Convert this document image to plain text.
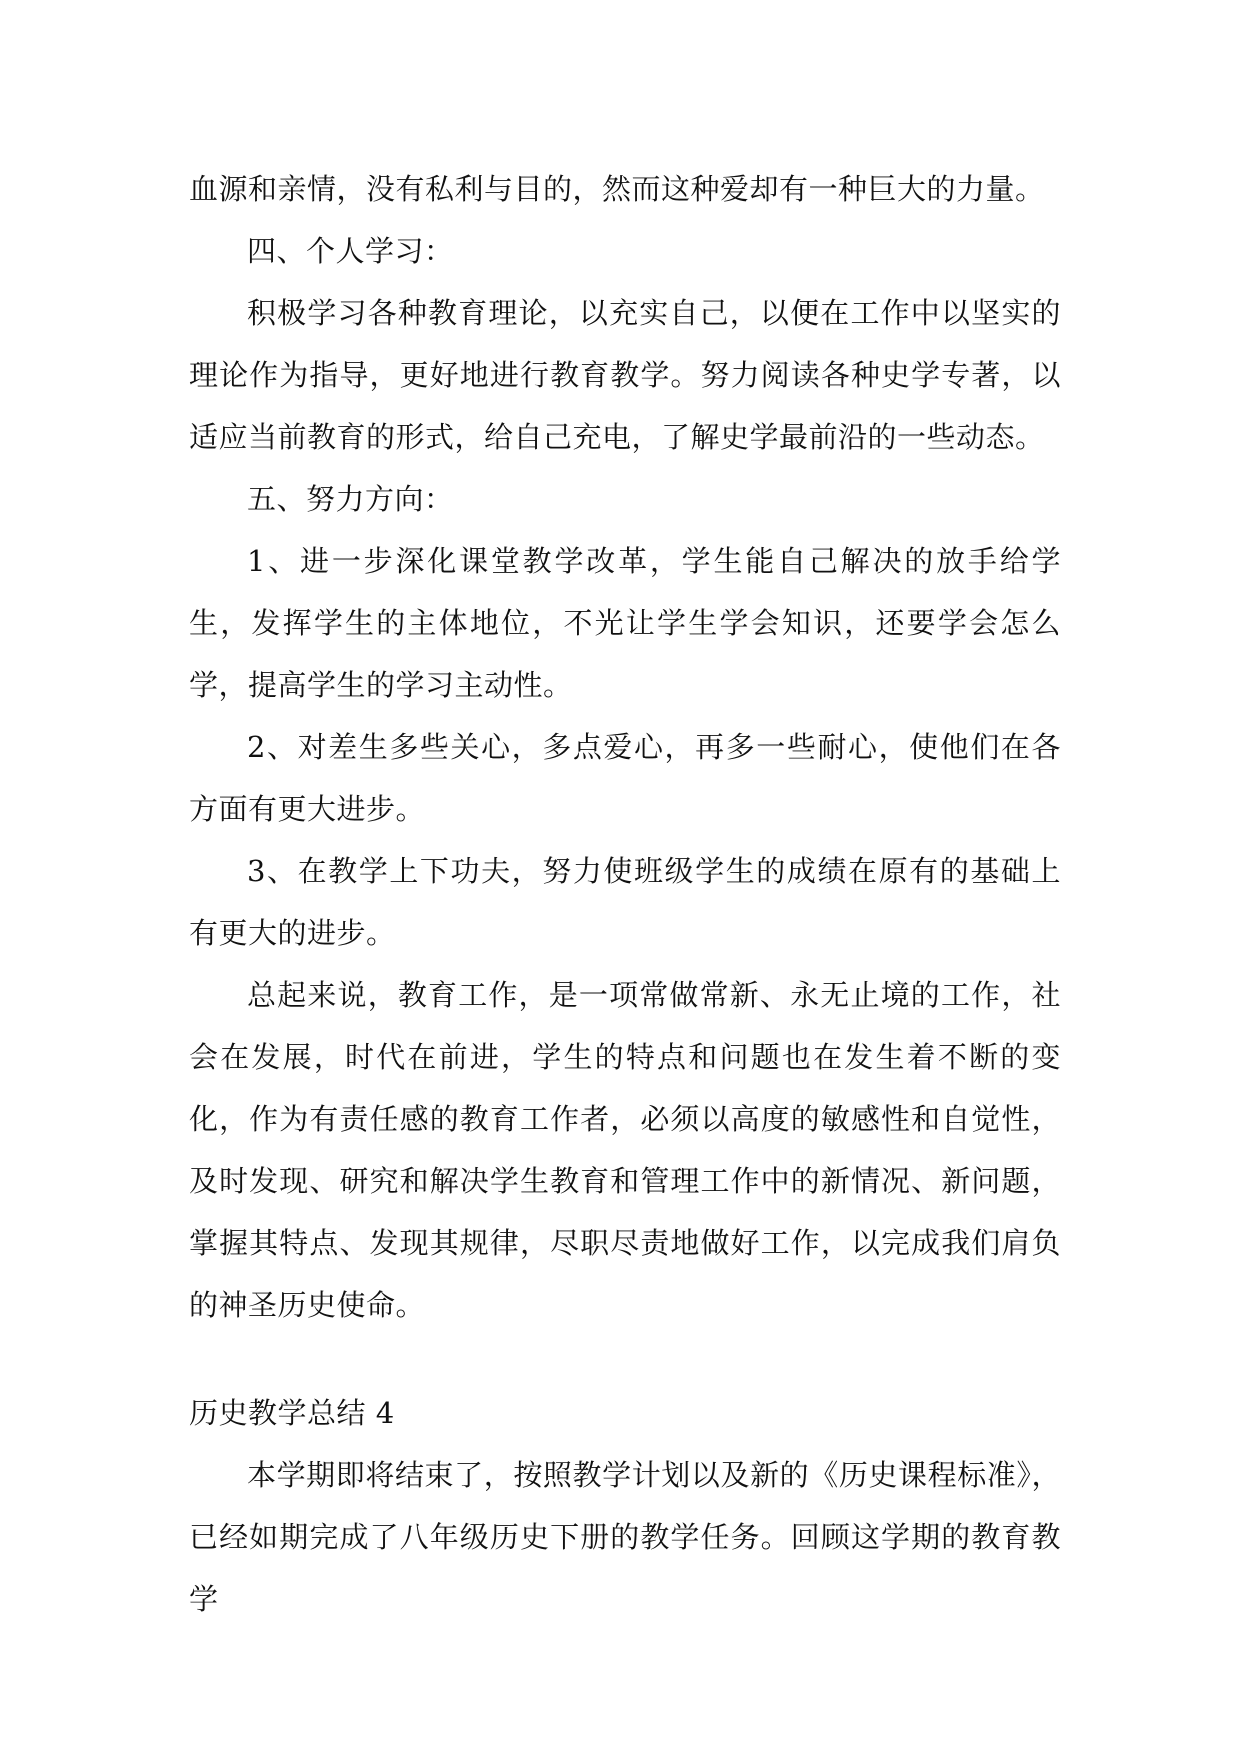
血源和亲情，没有私利与目的，然而这种爱却有一种巨大的力量。

四、个人学习：

积极学习各种教育理论，以充实自己，以便在工作中以坚实的理论作为指导，更好地进行教育教学。努力阅读各种史学专著，以适应当前教育的形式，给自己充电，了解史学最前沿的一些动态。

五、努力方向：

1、进一步深化课堂教学改革，学生能自己解决的放手给学生，发挥学生的主体地位，不光让学生学会知识，还要学会怎么学，提高学生的学习主动性。

2、对差生多些关心，多点爱心，再多一些耐心，使他们在各方面有更大进步。

3、在教学上下功夫，努力使班级学生的成绩在原有的基础上有更大的进步。

总起来说，教育工作，是一项常做常新、永无止境的工作，社会在发展，时代在前进，学生的特点和问题也在发生着不断的变化，作为有责任感的教育工作者，必须以高度的敏感性和自觉性，及时发现、研究和解决学生教育和管理工作中的新情况、新问题，掌握其特点、发现其规律，尽职尽责地做好工作，以完成我们肩负的神圣历史使命。

历史教学总结 4

本学期即将结束了，按照教学计划以及新的《历史课程标准》，已经如期完成了八年级历史下册的教学任务。回顾这学期的教育教学
